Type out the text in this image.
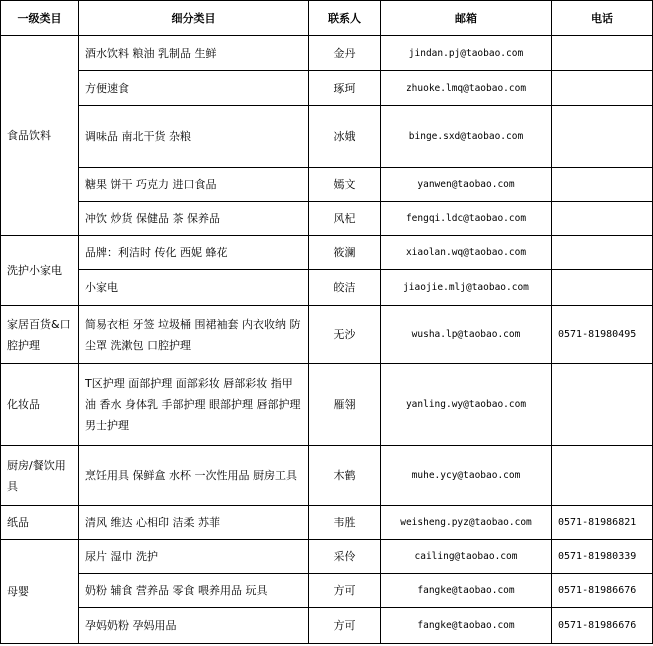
一级类目	细分类目	联系人	邮箱	电话
食品饮料	酒水饮料 粮油 乳制品 生鲜	金丹	jindan.pj@taobao.com	
	方便速食	琢珂	zhuoke.lmq@taobao.com	
	调味品 南北干货 杂粮	冰娥	binge.sxd@taobao.com	
	糖果 饼干 巧克力 进口食品	嫣文	yanwen@taobao.com	
	冲饮 炒货 保健品 茶 保养品	风杞	fengqi.ldc@taobao.com	
洗护小家电	品牌：利洁时 传化 西妮 蜂花	筱澜	xiaolan.wq@taobao.com	
	小家电	皎洁	jiaojie.mlj@taobao.com	
家居百货&口腔护理	简易衣柜 牙签 垃圾桶 围裙袖套 内衣收纳 防尘罩 洗漱包 口腔护理	无沙	wusha.lp@taobao.com	0571-81980495
化妆品	T区护理 面部护理 面部彩妆 唇部彩妆 指甲油 香水 身体乳 手部护理 眼部护理 唇部护理 男士护理	雁翎	yanling.wy@taobao.com	
厨房/餐饮用具	烹饪用具 保鲜盒 水杯 一次性用品 厨房工具	木鹤	muhe.ycy@taobao.com	
纸品	清风 维达 心相印 洁柔 苏菲	韦胜	weisheng.pyz@taobao.com	0571-81986821
母婴	尿片 湿巾 洗护	采伶	cailing@taobao.com	0571-81980339
	奶粉 辅食 营养品 零食 喂养用品 玩具	方可	fangke@taobao.com	0571-81986676
	孕妈奶粉 孕妈用品	方可	fangke@taobao.com	0571-81986676
